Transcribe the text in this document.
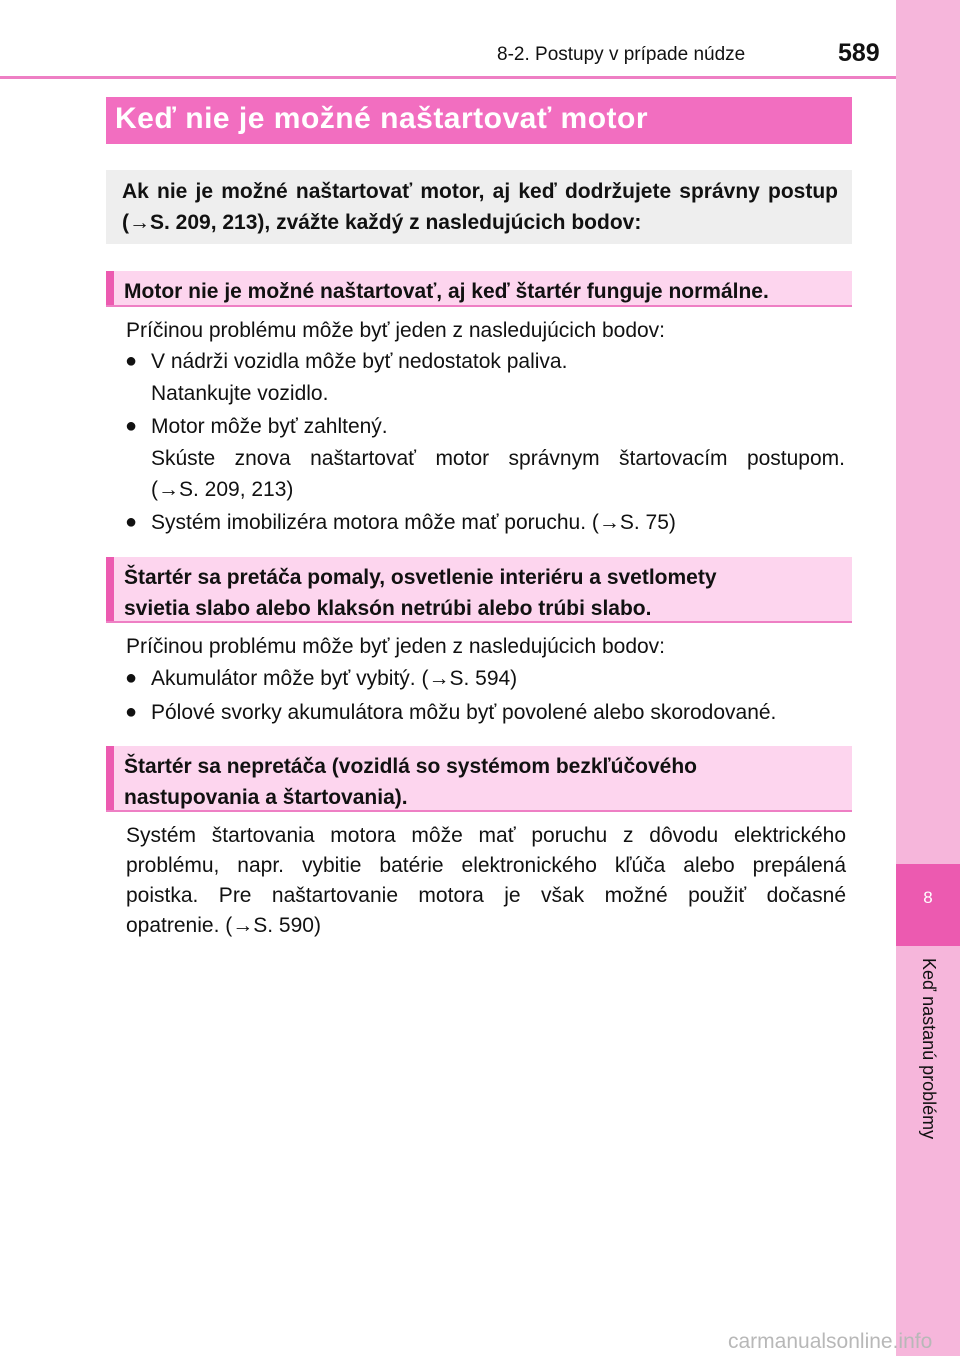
8-2. Postupy v prípade núdze	589
8
Keď nastanú problémy
Keď nie je možné naštartovať motor
Ak nie je možné naštartovať motor, aj keď dodržujete správny postup (→S. 209, 213), zvážte každý z nasledujúcich bodov:
Motor nie je možné naštartovať, aj keď štartér funguje normálne.
Príčinou problému môže byť jeden z nasledujúcich bodov:
● V nádrži vozidla môže byť nedostatok paliva.
Natankujte vozidlo.
● Motor môže byť zahltený.
Skúste znova naštartovať motor správnym štartovacím postupom.
(→S. 209, 213)
● Systém imobilizéra motora môže mať poruchu. (→S. 75)
Štartér sa pretáča pomaly, osvetlenie interiéru a svetlomety
svietia slabo alebo klaksón netrúbi alebo trúbi slabo.
Príčinou problému môže byť jeden z nasledujúcich bodov:
● Akumulátor môže byť vybitý. (→S. 594)
● Pólové svorky akumulátora môžu byť povolené alebo skorodované.
Štartér sa nepretáča (vozidlá so systémom bezkľúčového
nastupovania a štartovania).
Systém štartovania motora môže mať poruchu z dôvodu elektrického
problému, napr. vybitie batérie elektronického kľúča alebo prepálená
poistka. Pre naštartovanie motora je však možné použiť dočasné
opatrenie. (→S. 590)
carmanualsonline.info
